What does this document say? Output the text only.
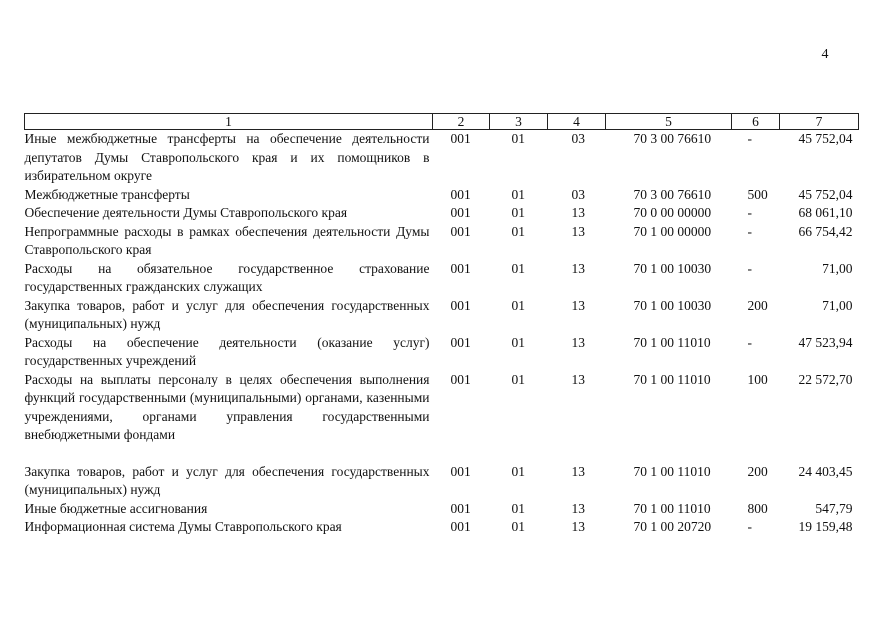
4
1	2	3	4	5	6	7
Иные межбюджетные трансферты на обеспечение деятельности депутатов Думы Ставропольского края и их помощников в избирательном округе	001	01	03	70 3 00 76610	-	45 752,04
Межбюджетные трансферты	001	01	03	70 3 00 76610	500	45 752,04
Обеспечение деятельности Думы Ставропольского края	001	01	13	70 0 00 00000	-	68 061,10
Непрограммные расходы в рамках обеспечения деятельности Думы Ставропольского края	001	01	13	70 1 00 00000	-	66 754,42
Расходы на обязательное государственное страхование государственных гражданских служащих	001	01	13	70 1 00 10030	-	71,00
Закупка товаров, работ и услуг для обеспечения государственных (муниципальных) нужд	001	01	13	70 1 00 10030	200	71,00
Расходы на обеспечение деятельности (оказание услуг) государственных учреждений	001	01	13	70 1 00 11010	-	47 523,94
Расходы на выплаты персоналу в целях обеспечения выполнения функций государственными (муниципальными) органами, казенными учреждениями, органами управления государственными внебюджетными фондами	001	01	13	70 1 00 11010	100	22 572,70

Закупка товаров, работ и услуг для обеспечения государственных (муниципальных) нужд	001	01	13	70 1 00 11010	200	24 403,45
Иные бюджетные ассигнования	001	01	13	70 1 00 11010	800	547,79
Информационная система Думы Ставропольского края	001	01	13	70 1 00 20720	-	19 159,48
